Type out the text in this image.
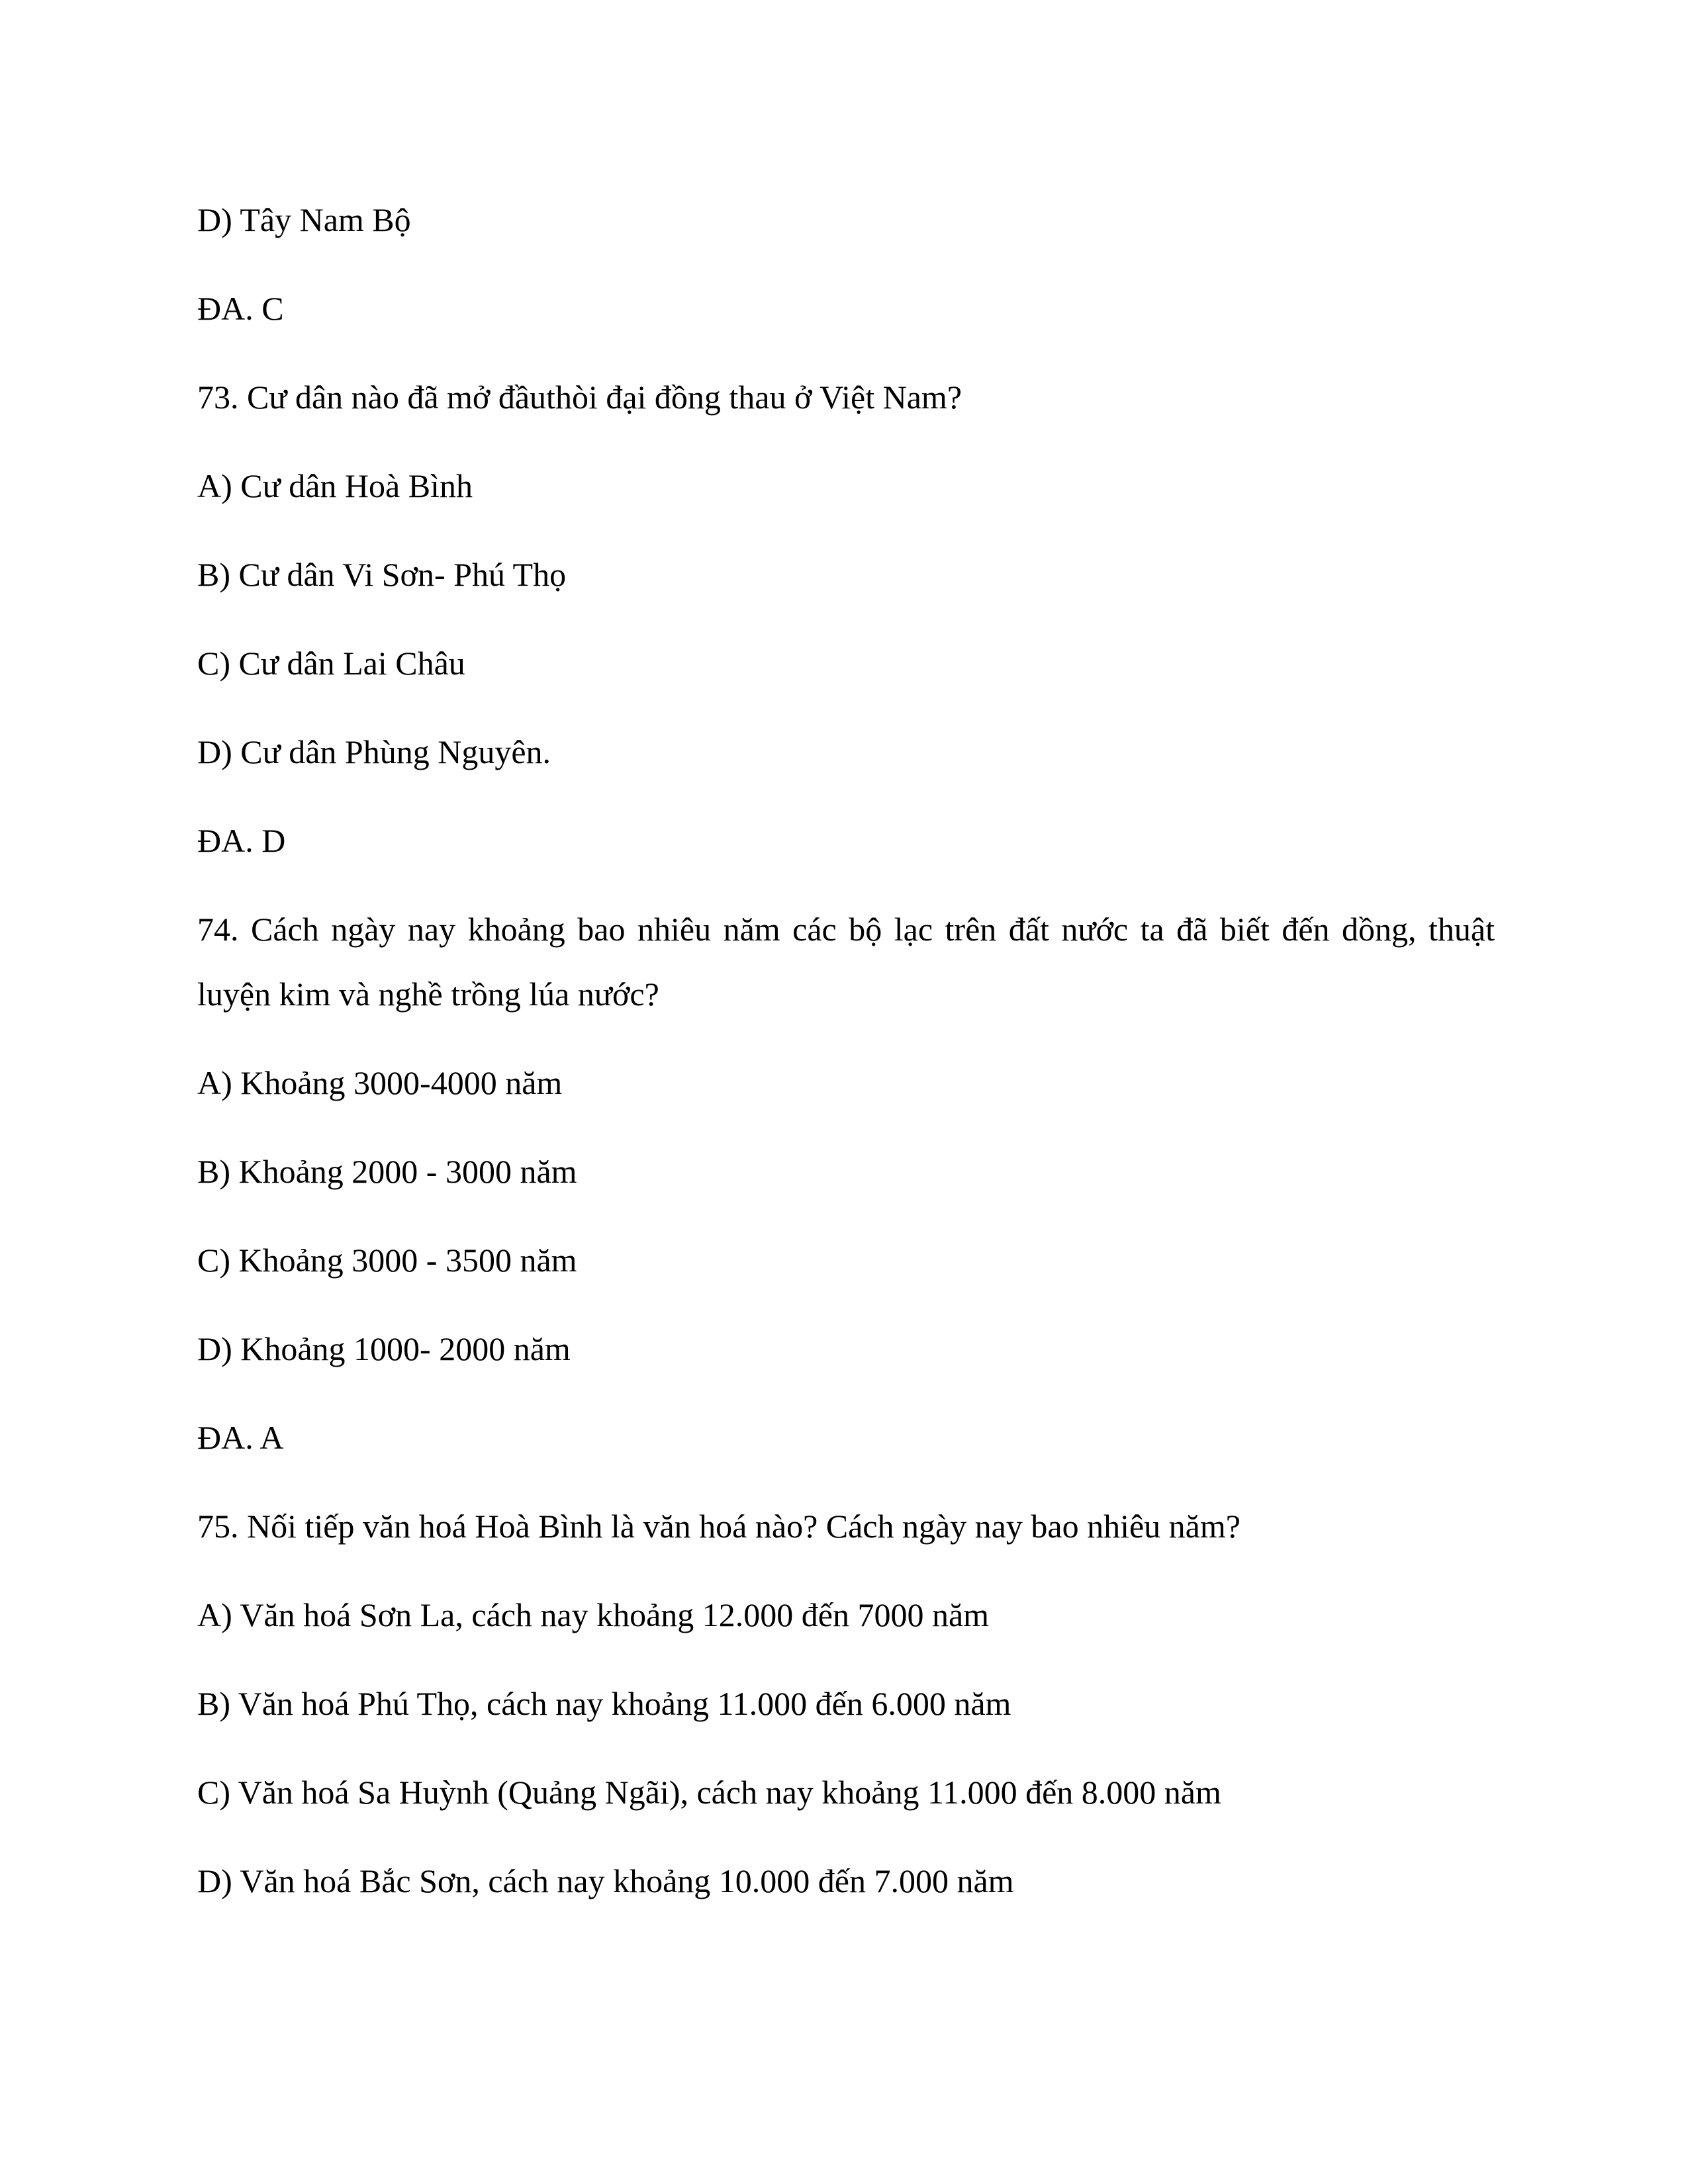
D) Tây Nam Bộ
ĐA. C
73. Cư dân nào đã mở đầuthòi đại đồng thau ở Việt Nam?
A) Cư dân Hoà Bình
B) Cư dân Vi Sơn- Phú Thọ
C) Cư dân Lai Châu
D) Cư dân Phùng Nguyên.
ĐA. D
74. Cách ngày nay khoảng bao nhiêu năm các bộ lạc trên đất nước ta đã biết đến dồng, thuật luyện kim và nghề trồng lúa nước?
A) Khoảng 3000-4000 năm
B) Khoảng 2000 - 3000 năm
C) Khoảng 3000 - 3500 năm
D) Khoảng 1000- 2000 năm
ĐA. A
75. Nối tiếp văn hoá Hoà Bình là văn hoá nào? Cách ngày nay bao nhiêu năm?
A) Văn hoá Sơn La, cách nay khoảng 12.000 đến 7000 năm
B) Văn hoá Phú Thọ, cách nay khoảng 11.000 đến 6.000 năm
C) Văn hoá Sa Huỳnh (Quảng Ngãi), cách nay khoảng 11.000 đến 8.000 năm
D) Văn hoá Bắc Sơn, cách nay khoảng 10.000 đến 7.000 năm
